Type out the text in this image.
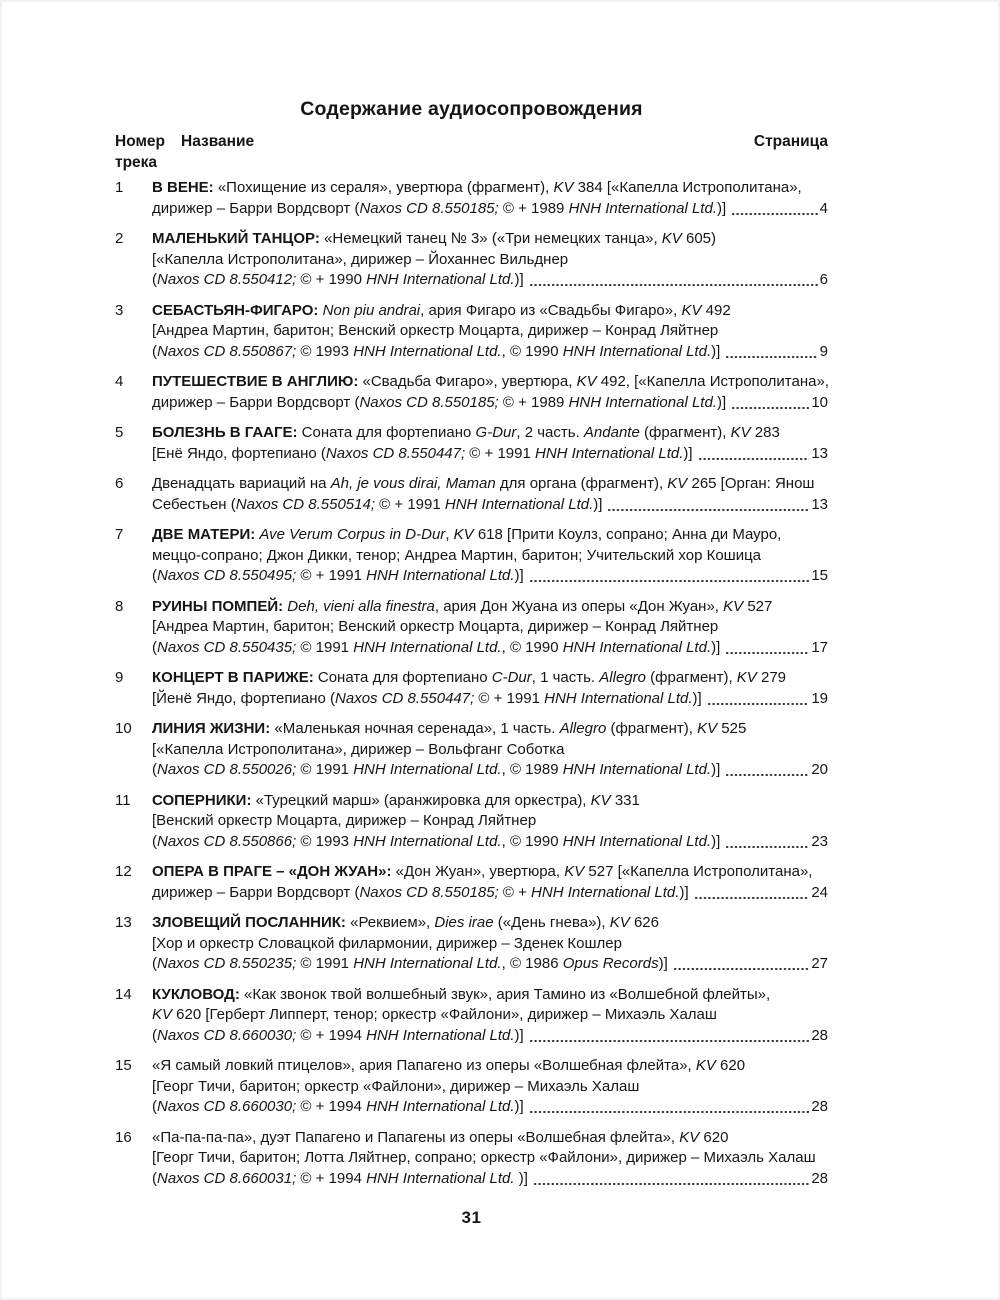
Содержание аудиосопровождения
Номер	Название	Страница
трека
1	В ВЕНЕ: «Похищение из сераля», увертюра (фрагмент), KV 384 [«Капелла Истрополитана»,
дирижер – Барри Вордсворт (Naxos CD 8.550185; © + 1989 HNH International Ltd.)]	4
2	МАЛЕНЬКИЙ ТАНЦОР: «Немецкий танец № 3» («Три немецких танца», KV 605)
[«Капелла Истрополитана», дирижер – Йоханнес Вильднер
(Naxos CD 8.550412; © + 1990 HNH International Ltd.)]	6
3	СЕБАСТЬЯН-ФИГАРО: Non piu andrai, ария Фигаро из «Свадьбы Фигаро», KV 492
[Андреа Мартин, баритон; Венский оркестр Моцарта, дирижер – Конрад Ляйтнер
(Naxos CD 8.550867; © 1993 HNH International Ltd., © 1990 HNH International Ltd.)]	9
4	ПУТЕШЕСТВИЕ В АНГЛИЮ: «Свадьба Фигаро», увертюра, KV 492, [«Капелла Истрополитана»,
дирижер – Барри Вордсворт (Naxos CD 8.550185; © + 1989 HNH International Ltd.)]	10
5	БОЛЕЗНЬ В ГААГЕ: Соната для фортепиано G-Dur, 2 часть. Andante (фрагмент), KV 283
[Енё Яндо, фортепиано (Naxos CD 8.550447; © + 1991 HNH International Ltd.)]	13
6	Двенадцать вариаций на Ah, je vous dirai, Maman для органа (фрагмент), KV 265 [Орган: Янош
Себестьен (Naxos CD 8.550514; © + 1991 HNH International Ltd.)]	13
7	ДВЕ МАТЕРИ: Ave Verum Corpus in D-Dur, KV 618 [Прити Коулз, сопрано; Анна ди Мауро,
меццо-сопрано; Джон Дикки, тенор; Андреа Мартин, баритон; Учительский хор Кошица
(Naxos CD 8.550495; © + 1991 HNH International Ltd.)]	15
8	РУИНЫ ПОМПЕЙ: Deh, vieni alla finestra, ария Дон Жуана из оперы «Дон Жуан», KV 527
[Андреа Мартин, баритон; Венский оркестр Моцарта, дирижер – Конрад Ляйтнер
(Naxos CD 8.550435; © 1991 HNH International Ltd., © 1990 HNH International Ltd.)]	17
9	КОНЦЕРТ В ПАРИЖЕ: Соната для фортепиано C-Dur, 1 часть. Allegro (фрагмент), KV 279
[Йенё Яндо, фортепиано (Naxos CD 8.550447; © + 1991 HNH International Ltd.)]	19
10	ЛИНИЯ ЖИЗНИ: «Маленькая ночная серенада», 1 часть. Allegro (фрагмент), KV 525
[«Капелла Истрополитана», дирижер – Вольфганг Соботка
(Naxos CD 8.550026; © 1991 HNH International Ltd., © 1989 HNH International Ltd.)]	20
11	СОПЕРНИКИ: «Турецкий марш» (аранжировка для оркестра), KV 331
[Венский оркестр Моцарта, дирижер – Конрад Ляйтнер
(Naxos CD 8.550866; © 1993 HNH International Ltd., © 1990 HNH International Ltd.)]	23
12	ОПЕРА В ПРАГЕ – «ДОН ЖУАН»: «Дон Жуан», увертюра, KV 527 [«Капелла Истрополитана»,
дирижер – Барри Вордсворт (Naxos CD 8.550185; © + HNH International Ltd.)]	24
13	ЗЛОВЕЩИЙ ПОСЛАННИК: «Реквием», Dies irae («День гнева»), KV 626
[Хор и оркестр Словацкой филармонии, дирижер – Зденек Кошлер
(Naxos CD 8.550235; © 1991 HNH International Ltd., © 1986 Opus Records)]	27
14	КУКЛОВОД: «Как звонок твой волшебный звук», ария Тамино из «Волшебной флейты»,
KV 620 [Герберт Липперт, тенор; оркестр «Файлони», дирижер – Михаэль Халаш
(Naxos CD 8.660030; © + 1994 HNH International Ltd.)]	28
15	«Я самый ловкий птицелов», ария Папагено из оперы «Волшебная флейта», KV 620
[Георг Тичи, баритон; оркестр «Файлони», дирижер – Михаэль Халаш
(Naxos CD 8.660030; © + 1994 HNH International Ltd.)]	28
16	«Па-па-па-па», дуэт Папагено и Папагены из оперы «Волшебная флейта», KV 620
[Георг Тичи, баритон; Лотта Ляйтнер, сопрано; оркестр «Файлони», дирижер – Михаэль Халаш
(Naxos CD 8.660031; © + 1994 HNH International Ltd. )]	28
31
